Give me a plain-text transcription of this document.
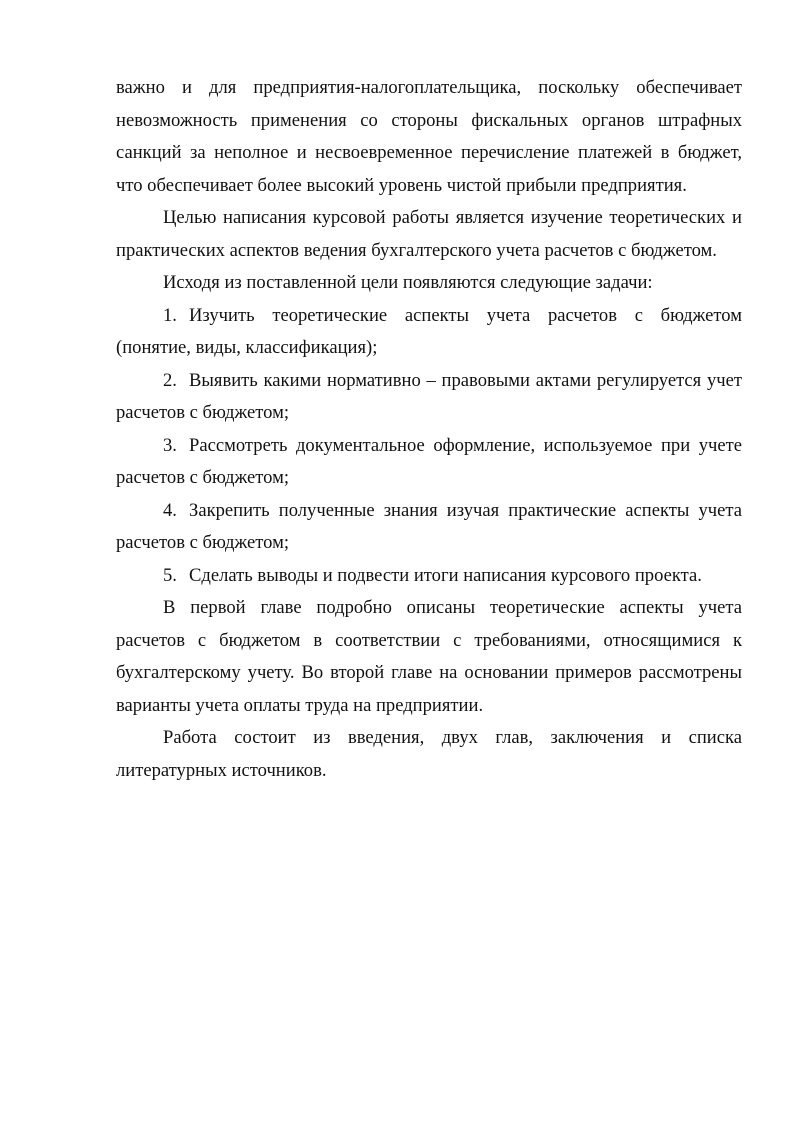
важно и для предприятия-налогоплательщика, поскольку обеспечивает невозможность применения со стороны фискальных органов штрафных санкций за неполное и несвоевременное перечисление платежей в бюджет, что обеспечивает более высокий уровень чистой прибыли предприятия.

Целью написания курсовой работы является изучение теоретических и практических аспектов ведения бухгалтерского учета расчетов с бюджетом.

Исходя из поставленной цели появляются следующие задачи:

1. Изучить теоретические аспекты учета расчетов с бюджетом (понятие, виды, классификация);

2. Выявить какими нормативно – правовыми актами регулируется учет расчетов с бюджетом;

3. Рассмотреть документальное оформление, используемое при учете расчетов с бюджетом;

4. Закрепить полученные знания изучая практические аспекты учета расчетов с бюджетом;

5. Сделать выводы и подвести итоги написания курсового проекта.

В первой главе подробно описаны теоретические аспекты учета расчетов с бюджетом в соответствии с требованиями, относящимися к бухгалтерскому учету. Во второй главе на основании примеров рассмотрены варианты учета оплаты труда на предприятии.

Работа состоит из введения, двух глав, заключения и списка литературных источников.
